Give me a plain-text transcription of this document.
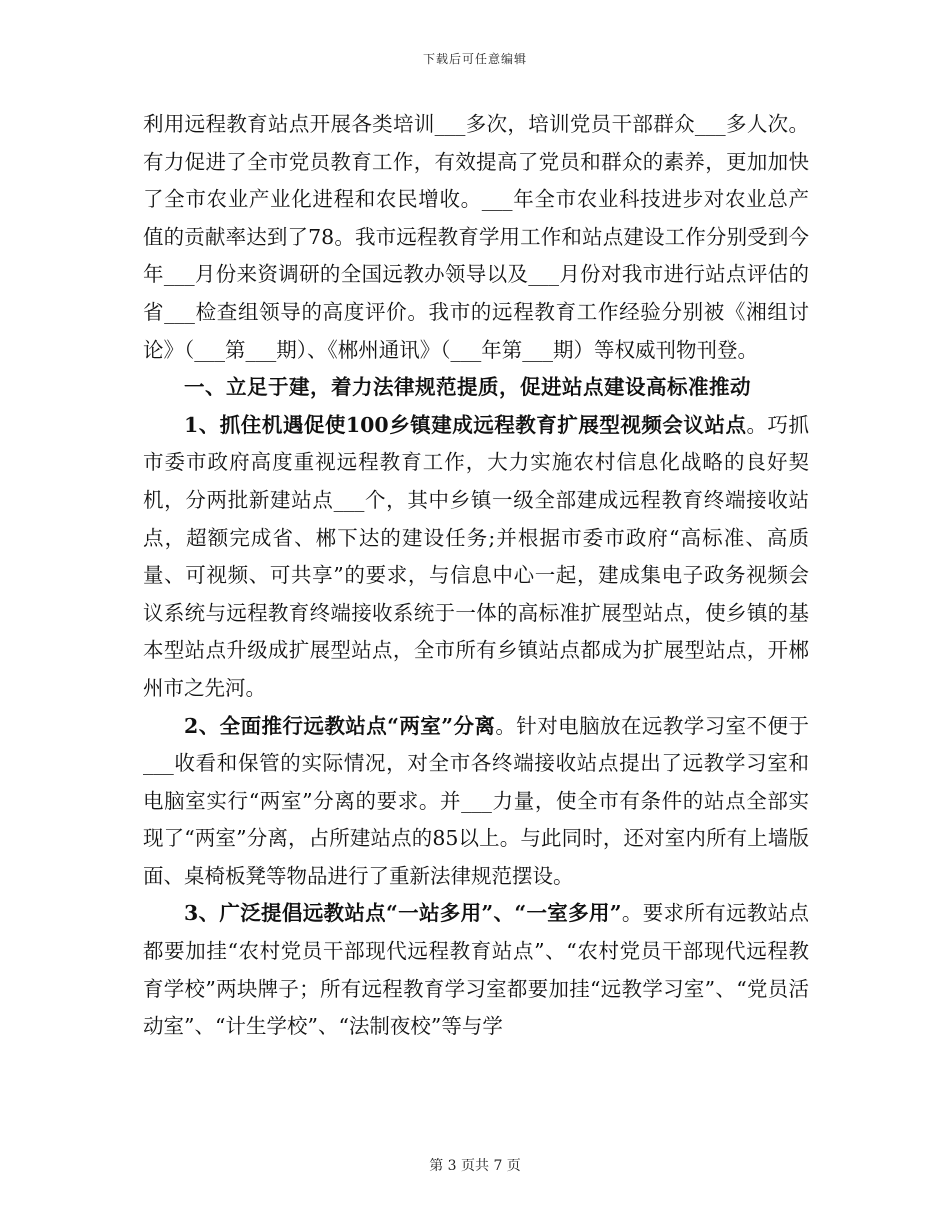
下载后可任意编辑

利用远程教育站点开展各类培训___多次，培训党员干部群众___多人次。有力促进了全市党员教育工作，有效提高了党员和群众的素养，更加加快了全市农业产业化进程和农民增收。___年全市农业科技进步对农业总产值的贡献率达到了78。我市远程教育学用工作和站点建设工作分别受到今年___月份来资调研的全国远教办领导以及___月份对我市进行站点评估的省___检查组领导的高度评价。我市的远程教育工作经验分别被《湘组讨论》（___第___期）、《郴州通讯》（___年第___期）等权威刊物刊登。

一、立足于建，着力法律规范提质，促进站点建设高标准推动

1、抓住机遇促使100乡镇建成远程教育扩展型视频会议站点。巧抓市委市政府高度重视远程教育工作，大力实施农村信息化战略的良好契机，分两批新建站点___个，其中乡镇一级全部建成远程教育终端接收站点，超额完成省、郴下达的建设任务;并根据市委市政府“高标准、高质量、可视频、可共享”的要求，与信息中心一起，建成集电子政务视频会议系统与远程教育终端接收系统于一体的高标准扩展型站点，使乡镇的基本型站点升级成扩展型站点，全市所有乡镇站点都成为扩展型站点，开郴州市之先河。

2、全面推行远教站点“两室”分离。针对电脑放在远教学习室不便于___收看和保管的实际情况，对全市各终端接收站点提出了远教学习室和电脑室实行“两室”分离的要求。并___力量，使全市有条件的站点全部实现了“两室”分离，占所建站点的85以上。与此同时，还对室内所有上墙版面、桌椅板凳等物品进行了重新法律规范摆设。

3、广泛提倡远教站点“一站多用”、“一室多用”。要求所有远教站点都要加挂“农村党员干部现代远程教育站点”、“农村党员干部现代远程教育学校”两块牌子；所有远程教育学习室都要加挂“远教学习室”、“党员活动室”、“计生学校”、“法制夜校”等与学

第 3 页共 7 页
